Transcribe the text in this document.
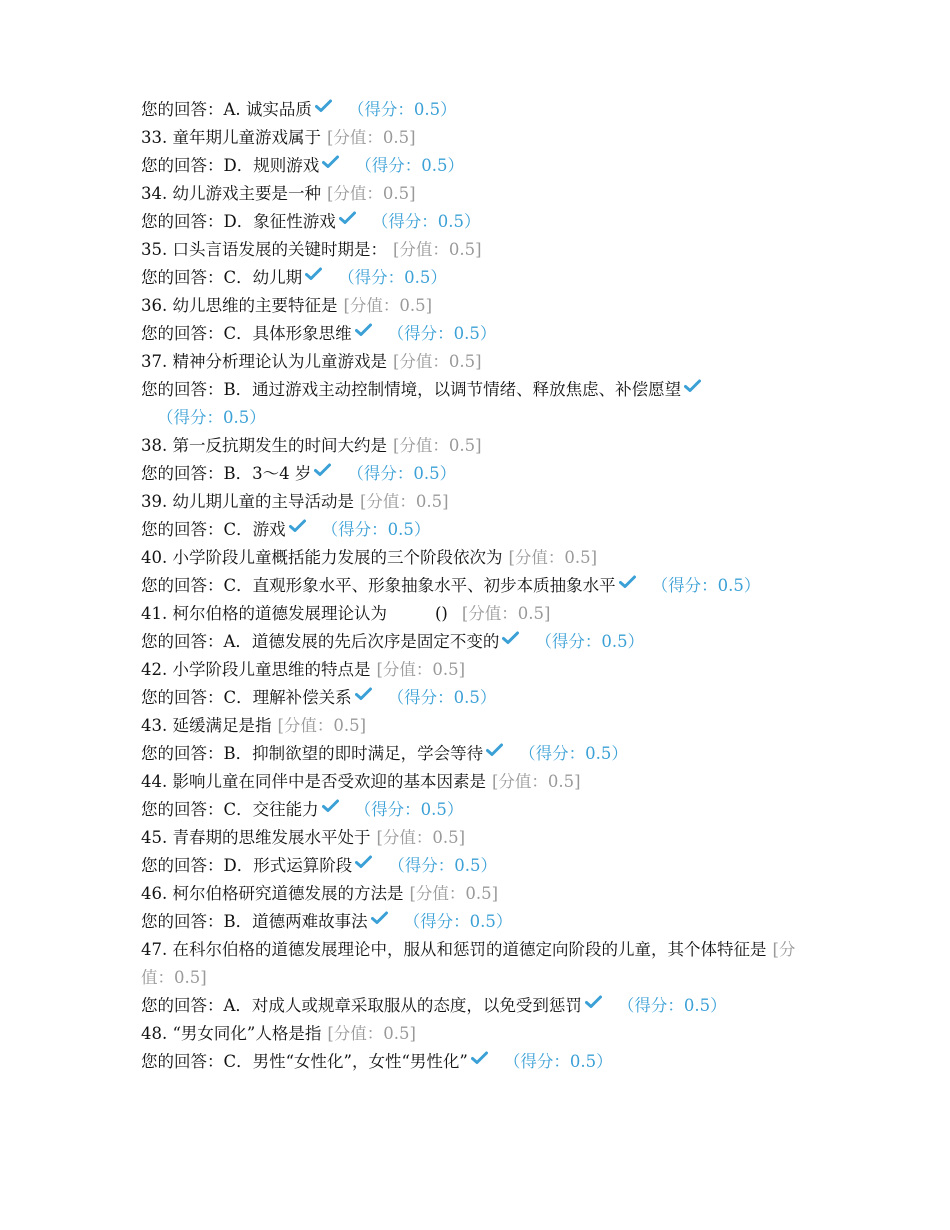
您的回答：A. 诚实品质 （得分：0.5）
33. 童年期儿童游戏属于 [分值：0.5]
您的回答：D．规则游戏 （得分：0.5）
34. 幼儿游戏主要是一种 [分值：0.5]
您的回答：D．象征性游戏 （得分：0.5）
35. 口头言语发展的关键时期是： [分值：0.5]
您的回答：C．幼儿期 （得分：0.5）
36. 幼儿思维的主要特征是 [分值：0.5]
您的回答：C．具体形象思维 （得分：0.5）
37. 精神分析理论认为儿童游戏是 [分值：0.5]
您的回答：B．通过游戏主动控制情境，以调节情绪、释放焦虑、补偿愿望
（得分：0.5）
38. 第一反抗期发生的时间大约是 [分值：0.5]
您的回答：B．3～4 岁 （得分：0.5）
39. 幼儿期儿童的主导活动是 [分值：0.5]
您的回答：C．游戏 （得分：0.5）
40. 小学阶段儿童概括能力发展的三个阶段依次为 [分值：0.5]
您的回答：C．直观形象水平、形象抽象水平、初步本质抽象水平 （得分：0.5）
41. 柯尔伯格的道德发展理论认为	() [分值：0.5]
您的回答：A．道德发展的先后次序是固定不变的 （得分：0.5）
42. 小学阶段儿童思维的特点是 [分值：0.5]
您的回答：C．理解补偿关系 （得分：0.5）
43. 延缓满足是指 [分值：0.5]
您的回答：B．抑制欲望的即时满足，学会等待 （得分：0.5）
44. 影响儿童在同伴中是否受欢迎的基本因素是 [分值：0.5]
您的回答：C．交往能力 （得分：0.5）
45. 青春期的思维发展水平处于 [分值：0.5]
您的回答：D．形式运算阶段 （得分：0.5）
46. 柯尔伯格研究道德发展的方法是 [分值：0.5]
您的回答：B．道德两难故事法 （得分：0.5）
47. 在科尔伯格的道德发展理论中，服从和惩罚的道德定向阶段的儿童，其个体特征是 [分值：0.5]
您的回答：A．对成人或规章采取服从的态度，以免受到惩罚 （得分：0.5）
48. “男女同化”人格是指 [分值：0.5]
您的回答：C．男性“女性化”，女性“男性化” （得分：0.5）
